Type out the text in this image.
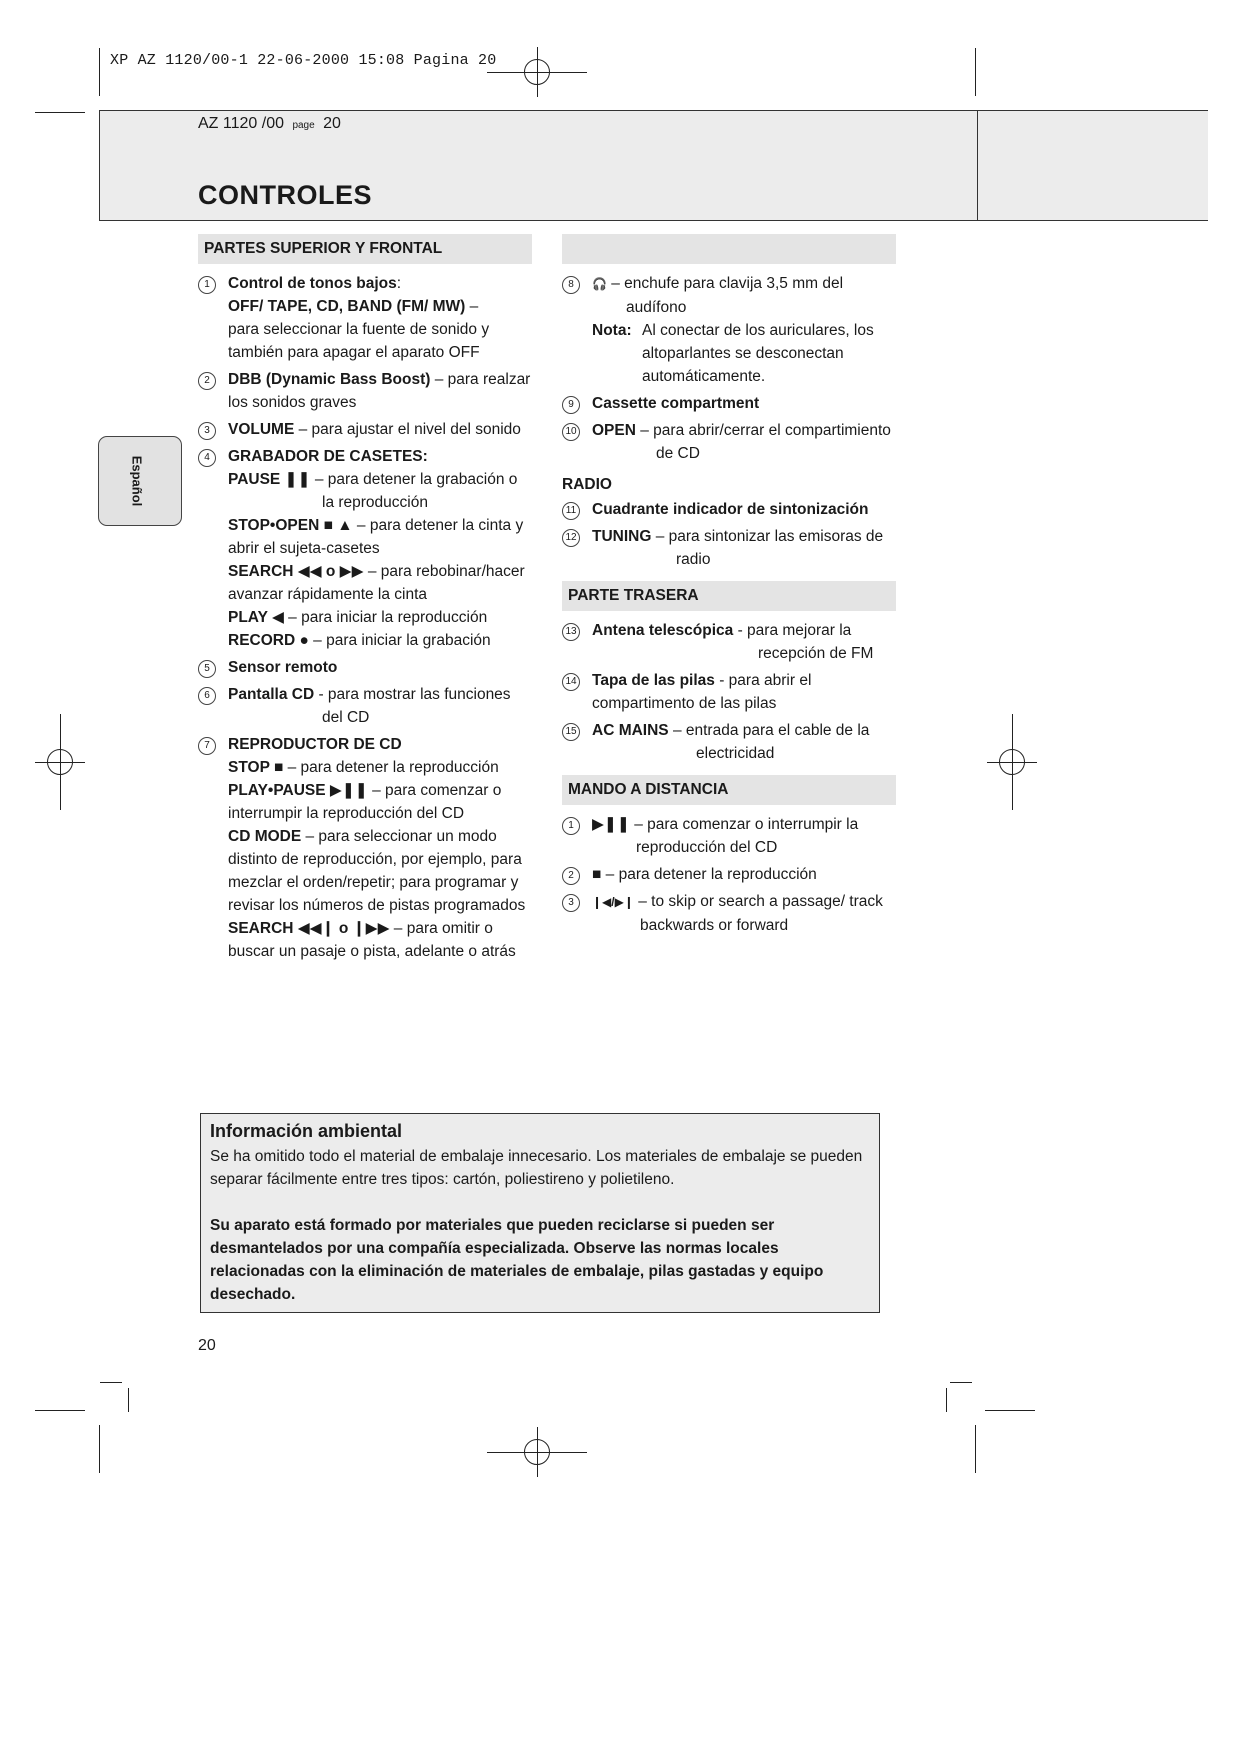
XP AZ 1120/00-1 22-06-2000 15:08 Pagina 20
AZ 1120 /00 page 20
CONTROLES
Español
PARTES SUPERIOR Y FRONTAL
1	Control de tonos bajos:
OFF/ TAPE, CD, BAND (FM/ MW) –
para seleccionar la fuente de sonido y también para apagar el aparato OFF
2	DBB (Dynamic Bass Boost) – para realzar los sonidos graves
3	VOLUME – para ajustar el nivel del sonido
4	GRABADOR DE CASETES:
PAUSE ❚❚ – para detener la grabación o la reproducción
STOP•OPEN ■ ▲ – para detener la cinta y abrir el sujeta-casetes
SEARCH ◀◀ o ▶▶ – para rebobinar/hacer avanzar rápidamente la cinta
PLAY ◀ – para iniciar la reproducción
RECORD ● – para iniciar la grabación
5	Sensor remoto
6	Pantalla CD - para mostrar las funciones del CD
7	REPRODUCTOR DE CD
STOP ■ – para detener la reproducción
PLAY•PAUSE ▶❚❚ – para comenzar o interrumpir la reproducción del CD
CD MODE – para seleccionar un modo distinto de reproducción, por ejemplo, para mezclar el orden/repetir; para programar y revisar los números de pistas programados
SEARCH ◀◀❙ o ❙▶▶ – para omitir o buscar un pasaje o pista, adelante o atrás
8	🎧 – enchufe para clavija 3,5 mm del audífono
Nota: Al conectar de los auriculares, los altoparlantes se desconectan automáticamente.
9	Cassette compartment
10 OPEN – para abrir/cerrar el compartimiento de CD
RADIO
11 Cuadrante indicador de sintonización
12 TUNING – para sintonizar las emisoras de radio
PARTE TRASERA
13 Antena telescópica - para mejorar la recepción de FM
14 Tapa de las pilas - para abrir el compartimento de las pilas
15 AC MAINS – entrada para el cable de la electricidad
MANDO A DISTANCIA
1	▶❚❚ – para comenzar o interrumpir la reproducción del CD
2	■ – para detener la reproducción
3	❙◀/▶❙ – to skip or search a passage/ track backwards or forward
Información ambiental

Se ha omitido todo el material de embalaje innecesario. Los materiales de embalaje se pueden separar fácilmente entre tres tipos: cartón, poliestireno y polietileno.

Su aparato está formado por materiales que pueden reciclarse si pueden ser desmantelados por una compañía especializada. Observe las normas locales relacionadas con la eliminación de materiales de embalaje, pilas gastadas y equipo desechado.

20
